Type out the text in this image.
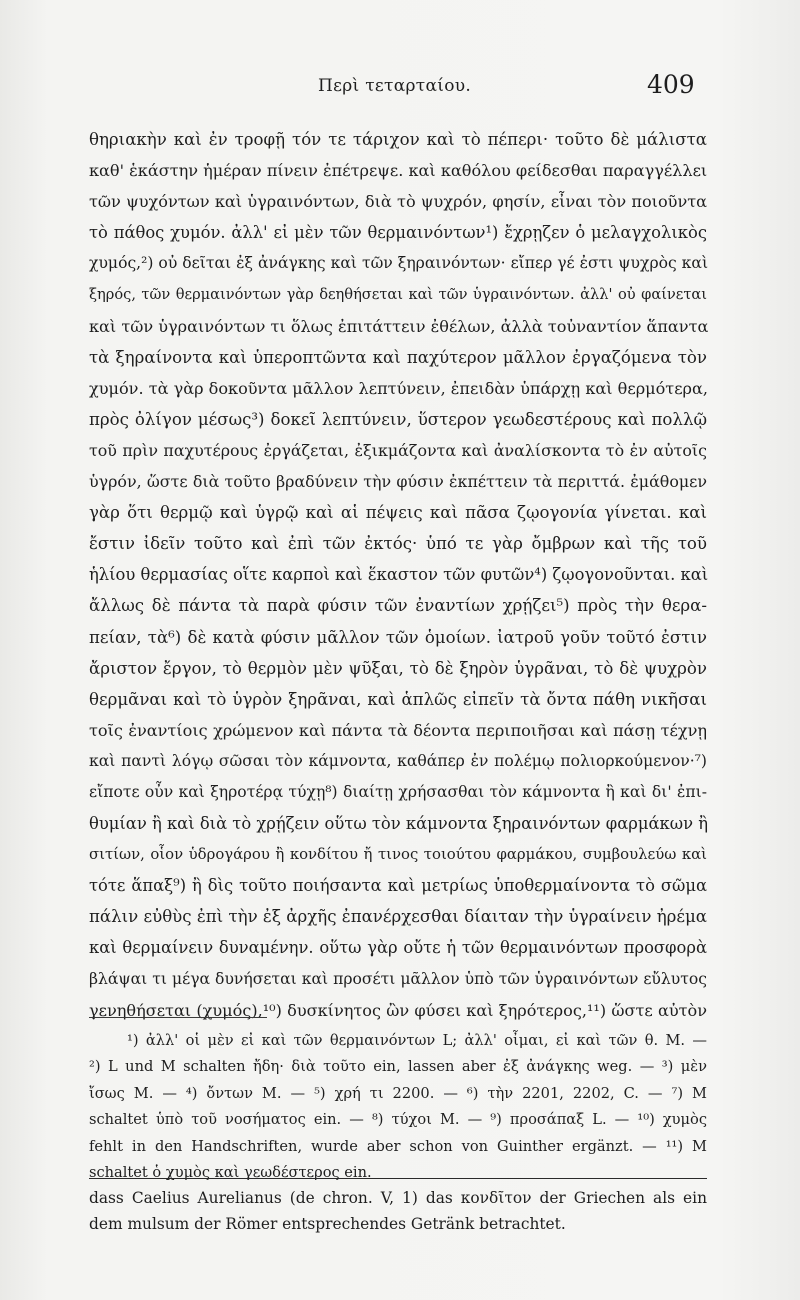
Περὶ τεταρταίου.	409
θηριακὴν καὶ ἐν τροφῇ τόν τε τάριχον καὶ τὸ πέπερι· τοῦτο δὲ μάλιστα
καθ' ἑκάστην ἡμέραν πίνειν ἐπέτρεψε. καὶ καθόλου φείδεσθαι παραγγέλλει
τῶν ψυχόντων καὶ ὑγραινόντων, διὰ τὸ ψυχρόν, φησίν, εἶναι τὸν ποιοῦντα
τὸ πάθος χυμόν. ἀλλ' εἰ μὲν τῶν θερμαινόντων¹) ἔχρῃζεν ὁ μελαγχολικὸς
χυμός,²) οὐ δεῖται ἐξ ἀνάγκης καὶ τῶν ξηραινόντων· εἴπερ γέ ἐστι ψυχρὸς καὶ
ξηρός, τῶν θερμαινόντων γὰρ δεηθήσεται καὶ τῶν ὑγραινόντων. ἀλλ' οὐ φαίνεται
καὶ τῶν ὑγραινόντων τι ὅλως ἐπιτάττειν ἐθέλων, ἀλλὰ τοὐναντίον ἅπαντα
τὰ ξηραίνοντα καὶ ὑπεροπτῶντα καὶ παχύτερον μᾶλλον ἐργαζόμενα τὸν
χυμόν. τὰ γὰρ δοκοῦντα μᾶλλον λεπτύνειν, ἐπειδὰν ὑπάρχῃ καὶ θερμότερα,
πρὸς ὀλίγον μέσως³) δοκεῖ λεπτύνειν, ὕστερον γεωδεστέρους καὶ πολλῷ
τοῦ πρὶν παχυτέρους ἐργάζεται, ἐξικμάζοντα καὶ ἀναλίσκοντα τὸ ἐν αὐτοῖς
ὑγρόν, ὥστε διὰ τοῦτο βραδύνειν τὴν φύσιν ἐκπέττειν τὰ περιττά. ἐμάθομεν
γὰρ ὅτι θερμῷ καὶ ὑγρῷ καὶ αἱ πέψεις καὶ πᾶσα ζῳογονία γίνεται. καὶ
ἔστιν ἰδεῖν τοῦτο καὶ ἐπὶ τῶν ἐκτός· ὑπό τε γὰρ ὄμβρων καὶ τῆς τοῦ
ἡλίου θερμασίας οἵτε καρποὶ καὶ ἕκαστον τῶν φυτῶν⁴) ζῳογονοῦνται. καὶ
ἄλλως δὲ πάντα τὰ παρὰ φύσιν τῶν ἐναντίων χρῄζει⁵) πρὸς τὴν θερα-
πείαν, τὰ⁶) δὲ κατὰ φύσιν μᾶλλον τῶν ὁμοίων. ἰατροῦ γοῦν τοῦτό ἐστιν
ἄριστον ἔργον, τὸ θερμὸν μὲν ψῦξαι, τὸ δὲ ξηρὸν ὑγρᾶναι, τὸ δὲ ψυχρὸν
θερμᾶναι καὶ τὸ ὑγρὸν ξηρᾶναι, καὶ ἁπλῶς εἰπεῖν τὰ ὄντα πάθη νικῆσαι
τοῖς ἐναντίοις χρώμενον καὶ πάντα τὰ δέοντα περιποιῆσαι καὶ πάσῃ τέχνῃ
καὶ παντὶ λόγῳ σῶσαι τὸν κάμνοντα, καθάπερ ἐν πολέμῳ πολιορκούμενον·⁷)
εἴποτε οὖν καὶ ξηροτέρᾳ τύχῃ⁸) διαίτῃ χρήσασθαι τὸν κάμνοντα ἢ καὶ δι' ἐπι-
θυμίαν ἢ καὶ διὰ τὸ χρῄζειν οὕτω τὸν κάμνοντα ξηραινόντων φαρμάκων ἢ
σιτίων, οἷον ὑδρογάρου ἢ κονδίτου ἤ τινος τοιούτου φαρμάκου, συμβουλεύω καὶ
τότε ἅπαξ⁹) ἢ δὶς τοῦτο ποιήσαντα καὶ μετρίως ὑποθερμαίνοντα τὸ σῶμα
πάλιν εὐθὺς ἐπὶ τὴν ἐξ ἀρχῆς ἐπανέρχεσθαι δίαιταν τὴν ὑγραίνειν ἠρέμα
καὶ θερμαίνειν δυναμένην. οὕτω γὰρ οὔτε ἡ τῶν θερμαινόντων προσφορὰ
βλάψαι τι μέγα δυνήσεται καὶ προσέτι μᾶλλον ὑπὸ τῶν ὑγραινόντων εὔλυτος
γενηθήσεται (χυμός),¹⁰) δυσκίνητος ὢν φύσει καὶ ξηρότερος,¹¹) ὥστε αὐτὸν
¹) ἀλλ' οἱ μὲν εἰ καὶ τῶν θερμαινόντων L; ἀλλ' οἶμαι, εἰ καὶ τῶν θ. M. —
²) L und M schalten ἤδη· διὰ τοῦτο ein, lassen aber ἐξ ἀνάγκης weg. — ³) μὲν
ἴσως M. — ⁴) ὄντων M. — ⁵) χρή τι 2200. — ⁶) τὴν 2201, 2202, C. — ⁷) M
schaltet ὑπὸ τοῦ νοσήματος ein. — ⁸) τύχοι M. — ⁹) προσάπαξ L. — ¹⁰) χυμὸς
fehlt in den Handschriften, wurde aber schon von Guinther ergänzt. — ¹¹) M
schaltet ὁ χυμὸς καὶ γεωδέστερος ein.
dass Caelius Aurelianus (de chron. V, 1) das κονδῖτον der Griechen als ein
dem mulsum der Römer entsprechendes Getränk betrachtet.
